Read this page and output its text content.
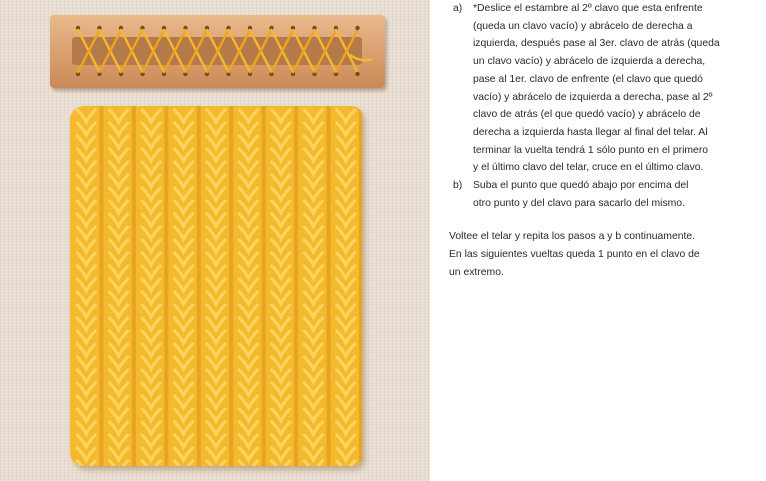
a) *Deslice el estambre al 2º clavo que esta enfrente
(queda un clavo vacío) y abrácelo de derecha a
izquierda, después pase al 3er. clavo de atrás (queda
un clavo vacío) y abrácelo de izquierda a derecha,
pase al 1er. clavo de enfrente (el clavo que quedó
vacío) y abrácelo de izquierda a derecha, pase al 2º
clavo de atrás (el que quedó vacío) y abrácelo de
derecha a izquierda hasta llegar al final del telar. Al
terminar la vuelta tendrá 1 sólo punto en el primero
y el último clavo del telar, cruce en el último clavo.
b) Suba el punto que quedó abajo por encima del
otro punto y del clavo para sacarlo del mismo.
Voltee el telar y repita los pasos a y b continuamente.
En las siguientes vueltas queda 1 punto en el clavo de
un extremo.
